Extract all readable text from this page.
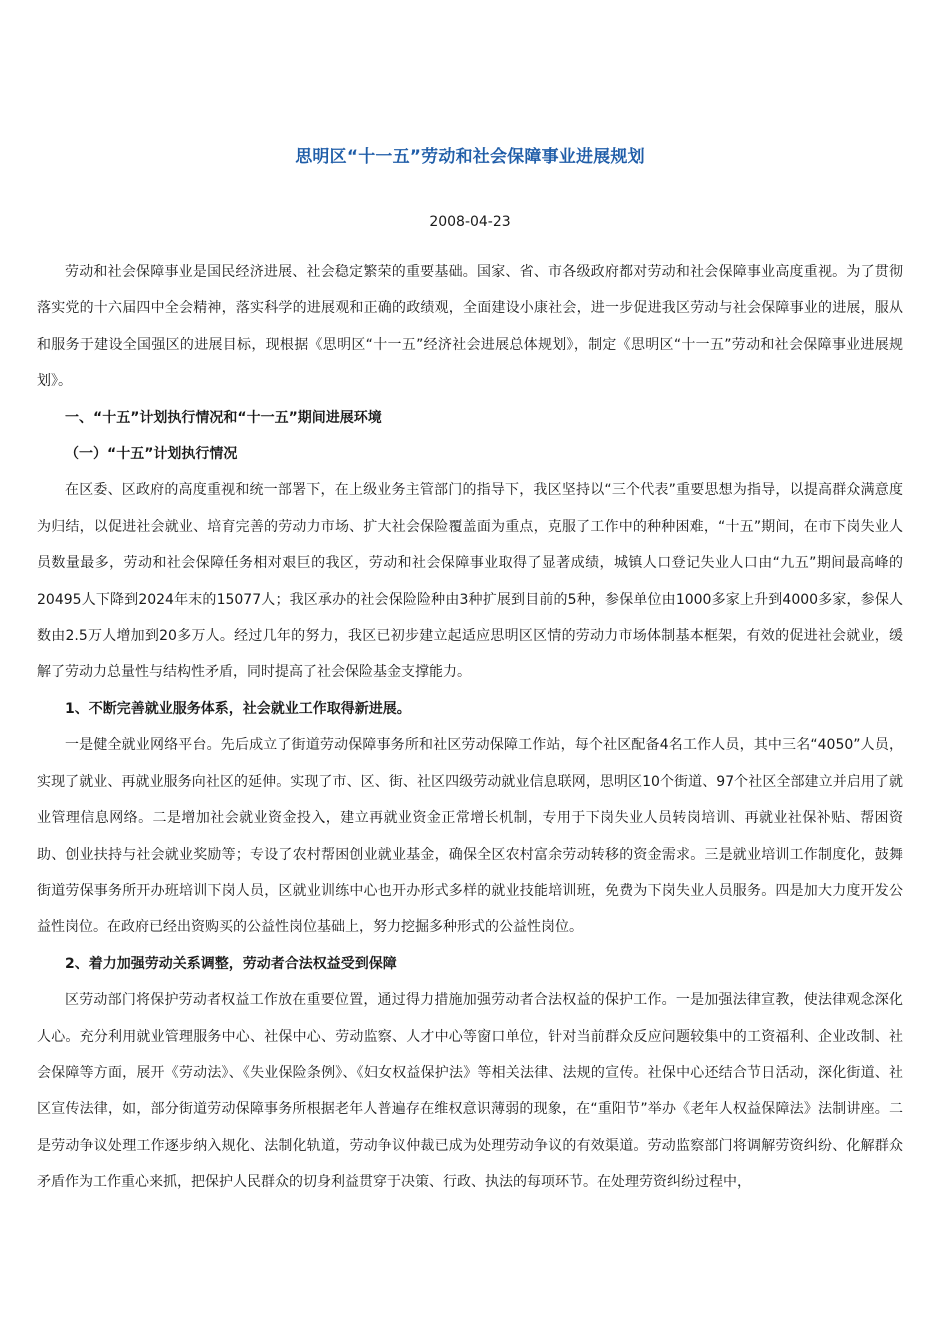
思明区“十一五”劳动和社会保障事业进展规划
2008-04-23

劳动和社会保障事业是国民经济进展、社会稳定繁荣的重要基础。国家、省、市各级政府都对劳动和社会保障事业高度重视。为了贯彻落实党的十六届四中全会精神，落实科学的进展观和正确的政绩观，全面建设小康社会，进一步促进我区劳动与社会保障事业的进展，服从和服务于建设全国强区的进展目标，现根据《思明区“十一五”经济社会进展总体规划》，制定《思明区“十一五”劳动和社会保障事业进展规划》。

一、“十五”计划执行情况和“十一五”期间进展环境

（一）“十五”计划执行情况

在区委、区政府的高度重视和统一部署下，在上级业务主管部门的指导下，我区坚持以“三个代表”重要思想为指导，以提高群众满意度为归结，以促进社会就业、培育完善的劳动力市场、扩大社会保险覆盖面为重点，克服了工作中的种种困难，“十五”期间，在市下岗失业人员数量最多，劳动和社会保障任务相对艰巨的我区，劳动和社会保障事业取得了显著成绩，城镇人口登记失业人口由“九五”期间最高峰的20495人下降到2024年末的15077人；我区承办的社会保险险种由3种扩展到目前的5种，参保单位由1000多家上升到4000多家，参保人数由2.5万人增加到20多万人。经过几年的努力，我区已初步建立起适应思明区区情的劳动力市场体制基本框架，有效的促进社会就业，缓解了劳动力总量性与结构性矛盾，同时提高了社会保险基金支撑能力。

1、不断完善就业服务体系，社会就业工作取得新进展。

一是健全就业网络平台。先后成立了街道劳动保障事务所和社区劳动保障工作站，每个社区配备4名工作人员，其中三名“4050”人员，实现了就业、再就业服务向社区的延伸。实现了市、区、街、社区四级劳动就业信息联网，思明区10个街道、97个社区全部建立并启用了就业管理信息网络。二是增加社会就业资金投入，建立再就业资金正常增长机制，专用于下岗失业人员转岗培训、再就业社保补贴、帮困资助、创业扶持与社会就业奖励等；专设了农村帮困创业就业基金，确保全区农村富余劳动转移的资金需求。三是就业培训工作制度化，鼓舞街道劳保事务所开办班培训下岗人员，区就业训练中心也开办形式多样的就业技能培训班，免费为下岗失业人员服务。四是加大力度开发公益性岗位。在政府已经出资购买的公益性岗位基础上，努力挖掘多种形式的公益性岗位。

2、着力加强劳动关系调整，劳动者合法权益受到保障

区劳动部门将保护劳动者权益工作放在重要位置，通过得力措施加强劳动者合法权益的保护工作。一是加强法律宣教，使法律观念深化人心。充分利用就业管理服务中心、社保中心、劳动监察、人才中心等窗口单位，针对当前群众反应问题较集中的工资福利、企业改制、社会保障等方面，展开《劳动法》、《失业保险条例》、《妇女权益保护法》等相关法律、法规的宣传。社保中心还结合节日活动，深化街道、社区宣传法律，如，部分街道劳动保障事务所根据老年人普遍存在维权意识薄弱的现象，在“重阳节”举办《老年人权益保障法》法制讲座。二是劳动争议处理工作逐步纳入规化、法制化轨道，劳动争议仲裁已成为处理劳动争议的有效渠道。劳动监察部门将调解劳资纠纷、化解群众矛盾作为工作重心来抓，把保护人民群众的切身利益贯穿于决策、行政、执法的每项环节。在处理劳资纠纷过程中，
